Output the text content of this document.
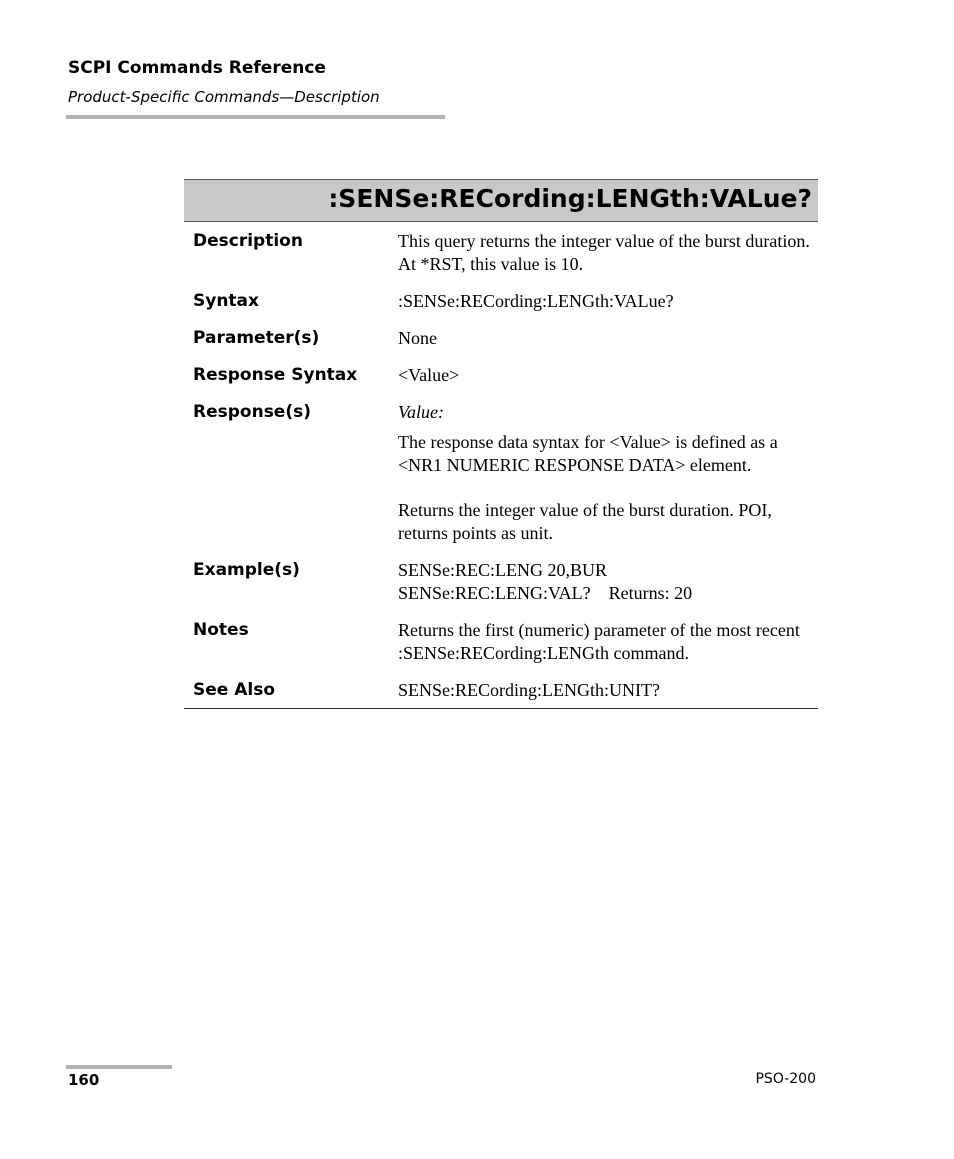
SCPI Commands Reference
Product-Specific Commands—Description
:SENSe:RECording:LENGth:VALue?
Description	This query returns the integer value of the burst duration.

At *RST, this value is 10.

Syntax	:SENSe:RECording:LENGth:VALue?
Parameter(s)	None
Response Syntax	<Value>
Response(s)	Value:

The response data syntax for <Value> is defined as a <NR1 NUMERIC RESPONSE DATA> element.

Returns the integer value of the burst duration. POI, returns points as unit.

Example(s)	SENSe:REC:LENG 20,BUR

SENSe:REC:LENG:VAL?    Returns: 20

Notes	Returns the first (numeric) parameter of the most recent :SENSe:RECording:LENGth command.
See Also	SENSe:RECording:LENGth:UNIT?
160	PSO-200
